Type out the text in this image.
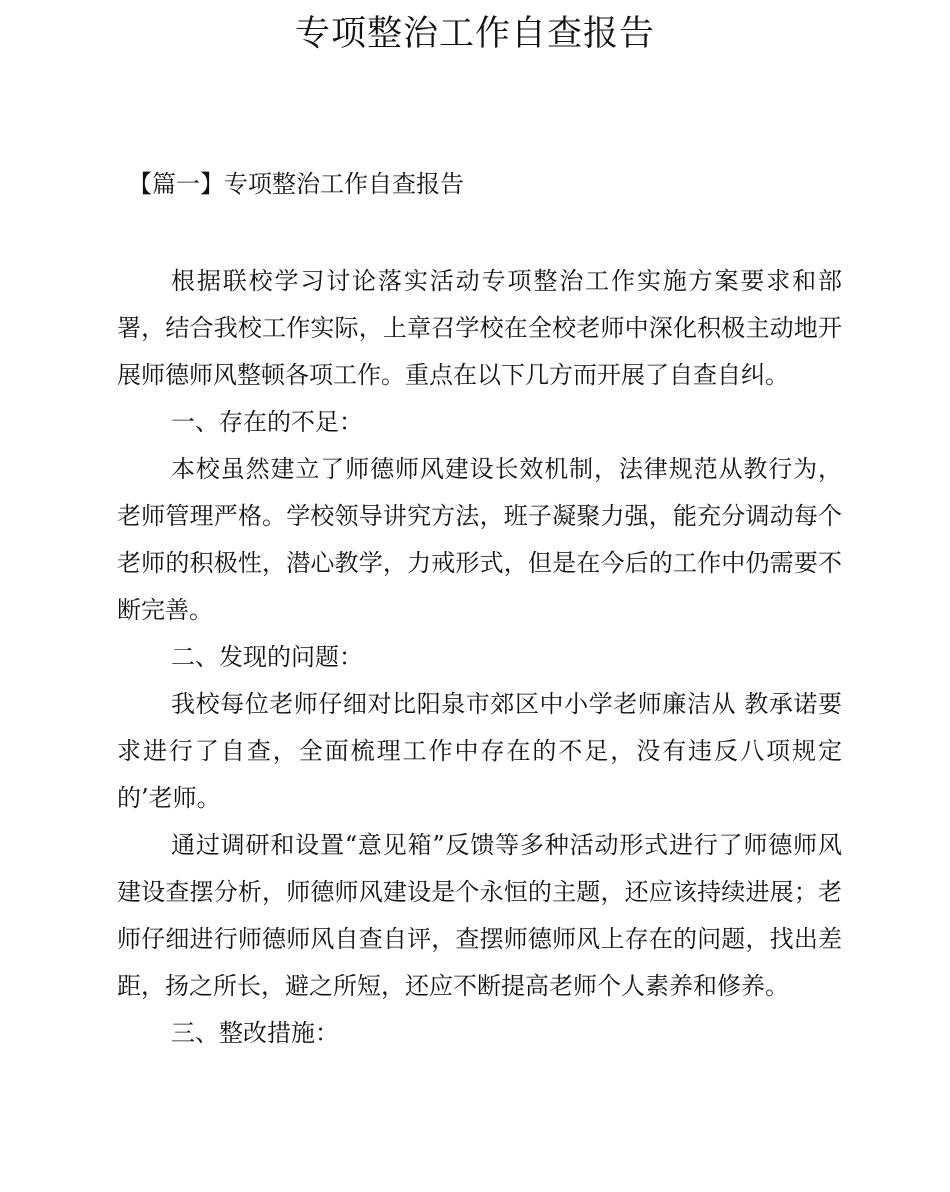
专项整治工作自查报告
【篇一】专项整治工作自查报告

根据联校学习讨论落实活动专项整治工作实施方案要求和部署，结合我校工作实际，上章召学校在全校老师中深化积极主动地开展师德师风整顿各项工作。重点在以下几方而开展了自查自纠。

一、存在的不足：

本校虽然建立了师德师风建设长效机制，法律规范从教行为，老师管理严格。学校领导讲究方法，班子凝聚力强，能充分调动每个老师的积极性，潜心教学，力戒形式，但是在今后的工作中仍需要不断完善。

二、发现的问题：

我校每位老师仔细对比阳泉市郊区中小学老师廉洁从 教承诺要求进行了自查，全面梳理工作中存在的不足，没有违反八项规定的’老师。

通过调研和设置“意见箱”反馈等多种活动形式进行了师德师风建设查摆分析，师德师风建设是个永恒的主题，还应该持续进展；老师仔细进行师德师风自查自评，查摆师德师风上存在的问题，找出差距，扬之所长，避之所短，还应不断提高老师个人素养和修养。

三、整改措施：
